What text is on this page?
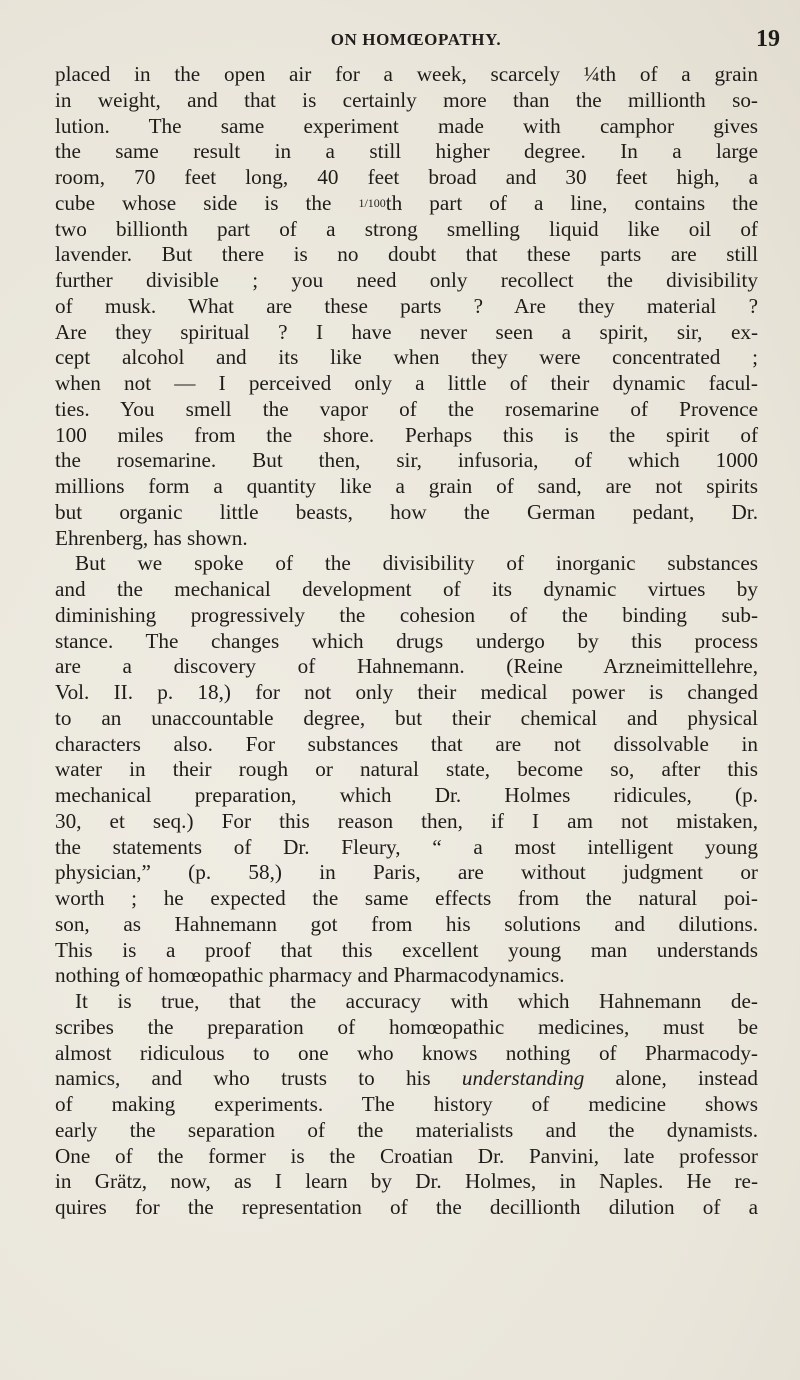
ON HOMŒOPATHY.	19
placed in the open air for a week, scarcely ¼th of a grain
in weight, and that is certainly more than the millionth so-
lution. The same experiment made with camphor gives
the same result in a still higher degree. In a large
room, 70 feet long, 40 feet broad and 30 feet high, a
cube whose side is the 1/100th part of a line, contains the
two billionth part of a strong smelling liquid like oil of
lavender. But there is no doubt that these parts are still
further divisible ; you need only recollect the divisibility
of musk. What are these parts ? Are they material ?
Are they spiritual ? I have never seen a spirit, sir, ex-
cept alcohol and its like when they were concentrated ;
when not — I perceived only a little of their dynamic facul-
ties. You smell the vapor of the rosemarine of Provence
100 miles from the shore. Perhaps this is the spirit of
the rosemarine. But then, sir, infusoria, of which 1000
millions form a quantity like a grain of sand, are not spirits
but organic little beasts, how the German pedant, Dr.
Ehrenberg, has shown.
But we spoke of the divisibility of inorganic substances
and the mechanical development of its dynamic virtues by
diminishing progressively the cohesion of the binding sub-
stance. The changes which drugs undergo by this process
are a discovery of Hahnemann. (Reine Arzneimittellehre,
Vol. II. p. 18,) for not only their medical power is changed
to an unaccountable degree, but their chemical and physical
characters also. For substances that are not dissolvable in
water in their rough or natural state, become so, after this
mechanical preparation, which Dr. Holmes ridicules, (p.
30, et seq.) For this reason then, if I am not mistaken,
the statements of Dr. Fleury, “ a most intelligent young
physician,” (p. 58,) in Paris, are without judgment or
worth ; he expected the same effects from the natural poi-
son, as Hahnemann got from his solutions and dilutions.
This is a proof that this excellent young man understands
nothing of homœopathic pharmacy and Pharmacodynamics.
It is true, that the accuracy with which Hahnemann de-
scribes the preparation of homœopathic medicines, must be
almost ridiculous to one who knows nothing of Pharmacody-
namics, and who trusts to his understanding alone, instead
of making experiments. The history of medicine shows
early the separation of the materialists and the dynamists.
One of the former is the Croatian Dr. Panvini, late professor
in Grätz, now, as I learn by Dr. Holmes, in Naples. He re-
quires for the representation of the decillionth dilution of a
